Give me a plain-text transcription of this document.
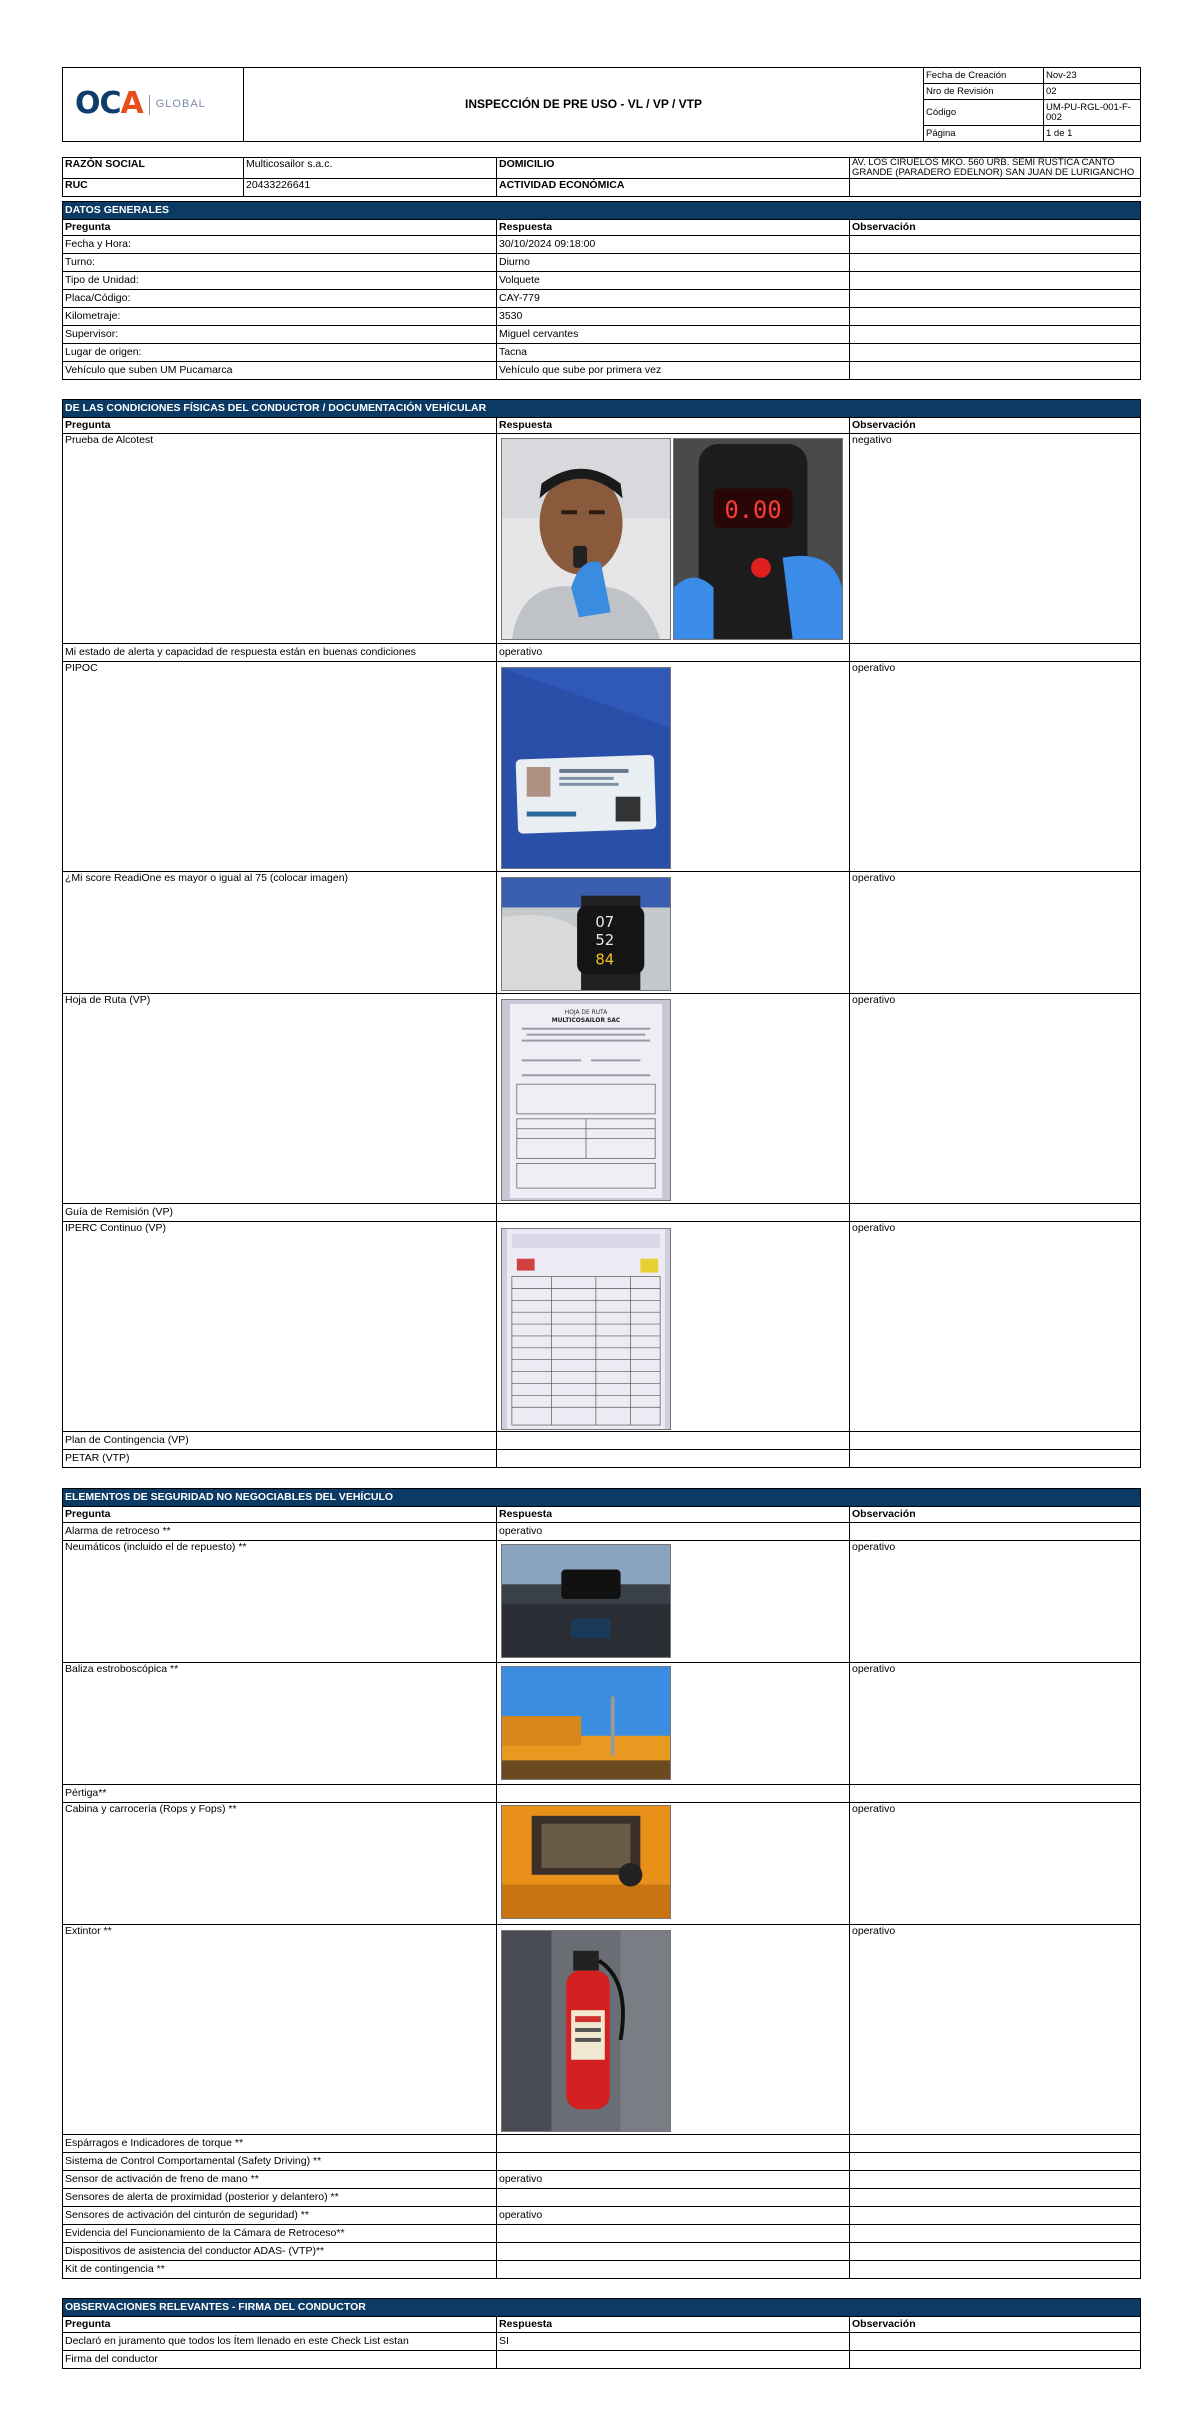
OCA GLOBAL	INSPECCIÓN DE PRE USO - VL / VP / VTP	Fecha de Creación	Nov-23
		Nro de Revisión	02
		Código	UM-PU-RGL-001-F-002
		Página	1 de 1
RAZÓN SOCIAL	Multicosailor s.a.c.	DOMICILIO	AV. LOS CIRUELOS MKO. 560 URB. SEMI RUSTICA CANTO GRANDE (PARADERO EDELNOR) SAN JUAN DE LURIGANCHO
RUC	20433226641	ACTIVIDAD ECONÓMICA	
DATOS GENERALES		
Pregunta	Respuesta	Observación
Fecha y Hora:	30/10/2024 09:18:00	
Turno:	Diurno	
Tipo de Unidad:	Volquete	
Placa/Código:	CAY-779	
Kilometraje:	3530	
Supervisor:	Miguel cervantes	
Lugar de origen:	Tacna	
Vehículo que suben UM Pucamarca	Vehículo que sube por primera vez	
DE LAS CONDICIONES FÍSICAS DEL CONDUCTOR / DOCUMENTACIÓN VEHÍCULAR		
Pregunta	Respuesta	Observación
Prueba de Alcotest		negativo
Mi estado de alerta y capacidad de respuesta están en buenas condiciones	operativo	
PIPOC		operativo
¿Mi score ReadiOne es mayor o igual al 75 (colocar imagen)		operativo
Hoja de Ruta (VP)		operativo
Guía de Remisión (VP)		
IPERC Continuo (VP)		operativo
Plan de Contingencia (VP)		
PETAR (VTP)		
ELEMENTOS DE SEGURIDAD NO NEGOCIABLES DEL VEHÍCULO		
Pregunta	Respuesta	Observación
Alarma de retroceso **	operativo	
Neumáticos (incluido el de repuesto) **		operativo
Baliza estroboscópica **		operativo
Pértiga**		
Cabina y carrocería (Rops y Fops) **		operativo
Extintor **		operativo
Espárragos e Indicadores de torque **		
Sistema de Control Comportamental (Safety Driving) **		
Sensor de activación de freno de mano **	operativo	
Sensores de alerta de proximidad (posterior y delantero) **		
Sensores de activación del cinturón de seguridad) **	operativo	
Evidencia del Funcionamiento de la Cámara de Retroceso**		
Dispositivos de asistencia del conductor ADAS- (VTP)**		
Kit de contingencia **		
OBSERVACIONES RELEVANTES - FIRMA DEL CONDUCTOR		
Pregunta	Respuesta	Observación
Declaró en juramento que todos los Ítem llenado en este Check List estan	SI	
Firma del conductor		
0.00
07
52
84
HOJA DE RUTA
MULTICOSAILOR SAC
